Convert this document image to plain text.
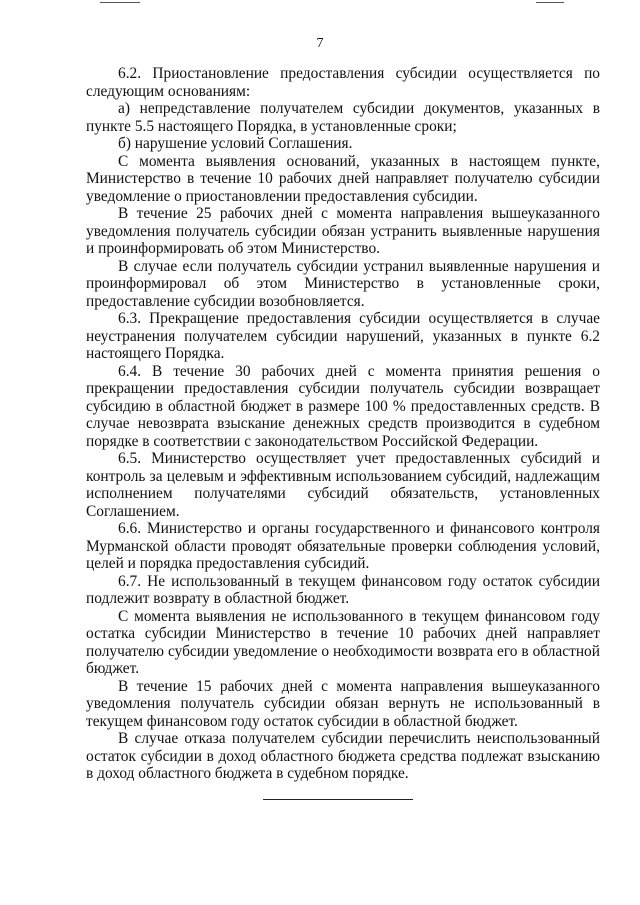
7

6.2. Приостановление предоставления субсидии осуществляется по следующим основаниям:

а) непредставление получателем субсидии документов, указанных в пункте 5.5 настоящего Порядка, в установленные сроки;

б) нарушение условий Соглашения.

С момента выявления оснований, указанных в настоящем пункте, Министерство в течение 10 рабочих дней направляет получателю субсидии уведомление о приостановлении предоставления субсидии.

В течение 25 рабочих дней с момента направления вышеуказанного уведомления получатель субсидии обязан устранить выявленные нарушения и проинформировать об этом Министерство.

В случае если получатель субсидии устранил выявленные нарушения и проинформировал об этом Министерство в установленные сроки, предоставление субсидии возобновляется.

6.3. Прекращение предоставления субсидии осуществляется в случае неустранения получателем субсидии нарушений, указанных в пункте 6.2 настоящего Порядка.

6.4. В течение 30 рабочих дней с момента принятия решения о прекращении предоставления субсидии получатель субсидии возвращает субсидию в областной бюджет в размере 100 % предоставленных средств. В случае невозврата взыскание денежных средств производится в судебном порядке в соответствии с законодательством Российской Федерации.

6.5. Министерство осуществляет учет предоставленных субсидий и контроль за целевым и эффективным использованием субсидий, надлежащим исполнением получателями субсидий обязательств, установленных Соглашением.

6.6. Министерство и органы государственного и финансового контроля Мурманской области проводят обязательные проверки соблюдения условий, целей и порядка предоставления субсидий.

6.7. Не использованный в текущем финансовом году остаток субсидии подлежит возврату в областной бюджет.

С момента выявления не использованного в текущем финансовом году остатка субсидии Министерство в течение 10 рабочих дней направляет получателю субсидии уведомление о необходимости возврата его в областной бюджет.

В течение 15 рабочих дней с момента направления вышеуказанного уведомления получатель субсидии обязан вернуть не использованный в текущем финансовом году остаток субсидии в областной бюджет.

В случае отказа получателем субсидии перечислить неиспользованный остаток субсидии в доход областного бюджета средства подлежат взысканию в доход областного бюджета в судебном порядке.
